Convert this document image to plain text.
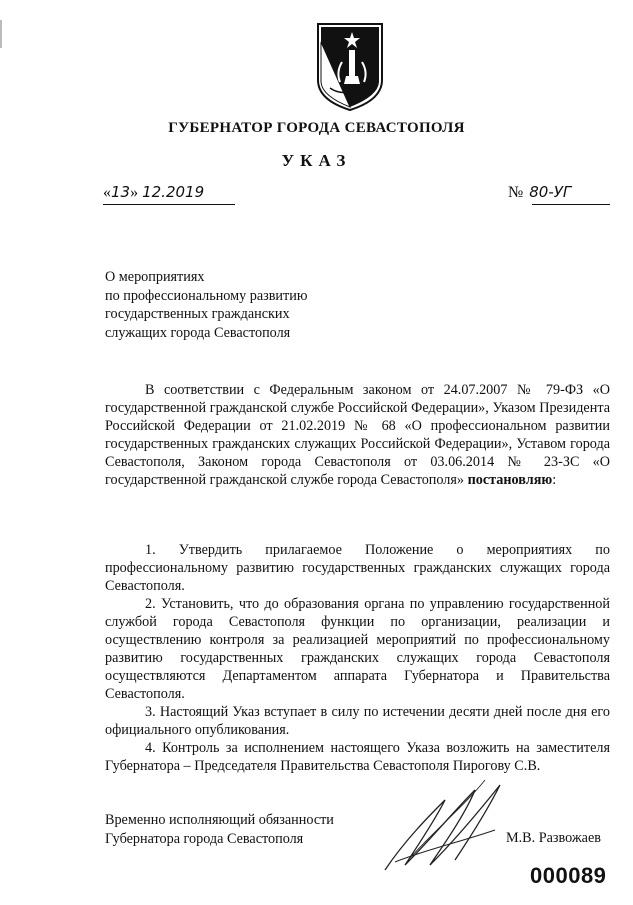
ГУБЕРНАТОР ГОРОДА СЕВАСТОПОЛЯ
УКАЗ
«13» 12.2019	№ 80-УГ
О мероприятиях
по профессиональному развитию
государственных гражданских
служащих города Севастополя

В соответствии с Федеральным законом от 24.07.2007 № 79-ФЗ «О государственной гражданской службе Российской Федерации», Указом Президента Российской Федерации от 21.02.2019 № 68 «О профессиональном развитии государственных гражданских служащих Российской Федерации», Уставом города Севастополя, Законом города Севастополя от 03.06.2014 № 23-ЗС «О государственной гражданской службе города Севастополя» постановляю:

1. Утвердить прилагаемое Положение о мероприятиях по профессиональному развитию государственных гражданских служащих города Севастополя.

2. Установить, что до образования органа по управлению государственной службой города Севастополя функции по организации, реализации и осуществлению контроля за реализацией мероприятий по профессиональному развитию государственных гражданских служащих города Севастополя осуществляются Департаментом аппарата Губернатора и Правительства Севастополя.

3. Настоящий Указ вступает в силу по истечении десяти дней после дня его официального опубликования.

4. Контроль за исполнением настоящего Указа возложить на заместителя Губернатора – Председателя Правительства Севастополя Пирогову С.В.

Временно исполняющий обязанности
Губернатора города Севастополя	М.В. Развожаев
000089
